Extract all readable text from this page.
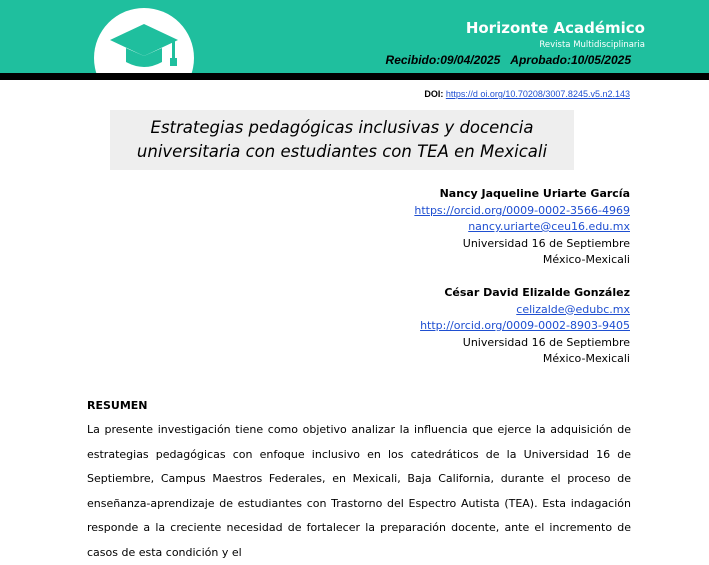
Horizonte Académico
Revista Multidisciplinaria
Recibido:09/04/2025 Aprobado:10/05/2025
DOI: https://d oi.org/10.70208/3007.8245.v5.n2.143
Estrategias pedagógicas inclusivas y docencia
universitaria con estudiantes con TEA en Mexicali
Nancy Jaqueline Uriarte García
https://orcid.org/0009-0002-3566-4969
nancy.uriarte@ceu16.edu.mx
Universidad 16 de Septiembre
México-Mexicali
César David Elizalde González
celizalde@edubc.mx
http://orcid.org/0009-0002-8903-9405
Universidad 16 de Septiembre
México-Mexicali
RESUMEN
La presente investigación tiene como objetivo analizar la influencia que ejerce la adquisición de estrategias pedagógicas con enfoque inclusivo en los catedráticos de la Universidad 16 de Septiembre, Campus Maestros Federales, en Mexicali, Baja California, durante el proceso de enseñanza-aprendizaje de estudiantes con Trastorno del Espectro Autista (TEA). Esta indagación responde a la creciente necesidad de fortalecer la preparación docente, ante el incremento de casos de esta condición y el
